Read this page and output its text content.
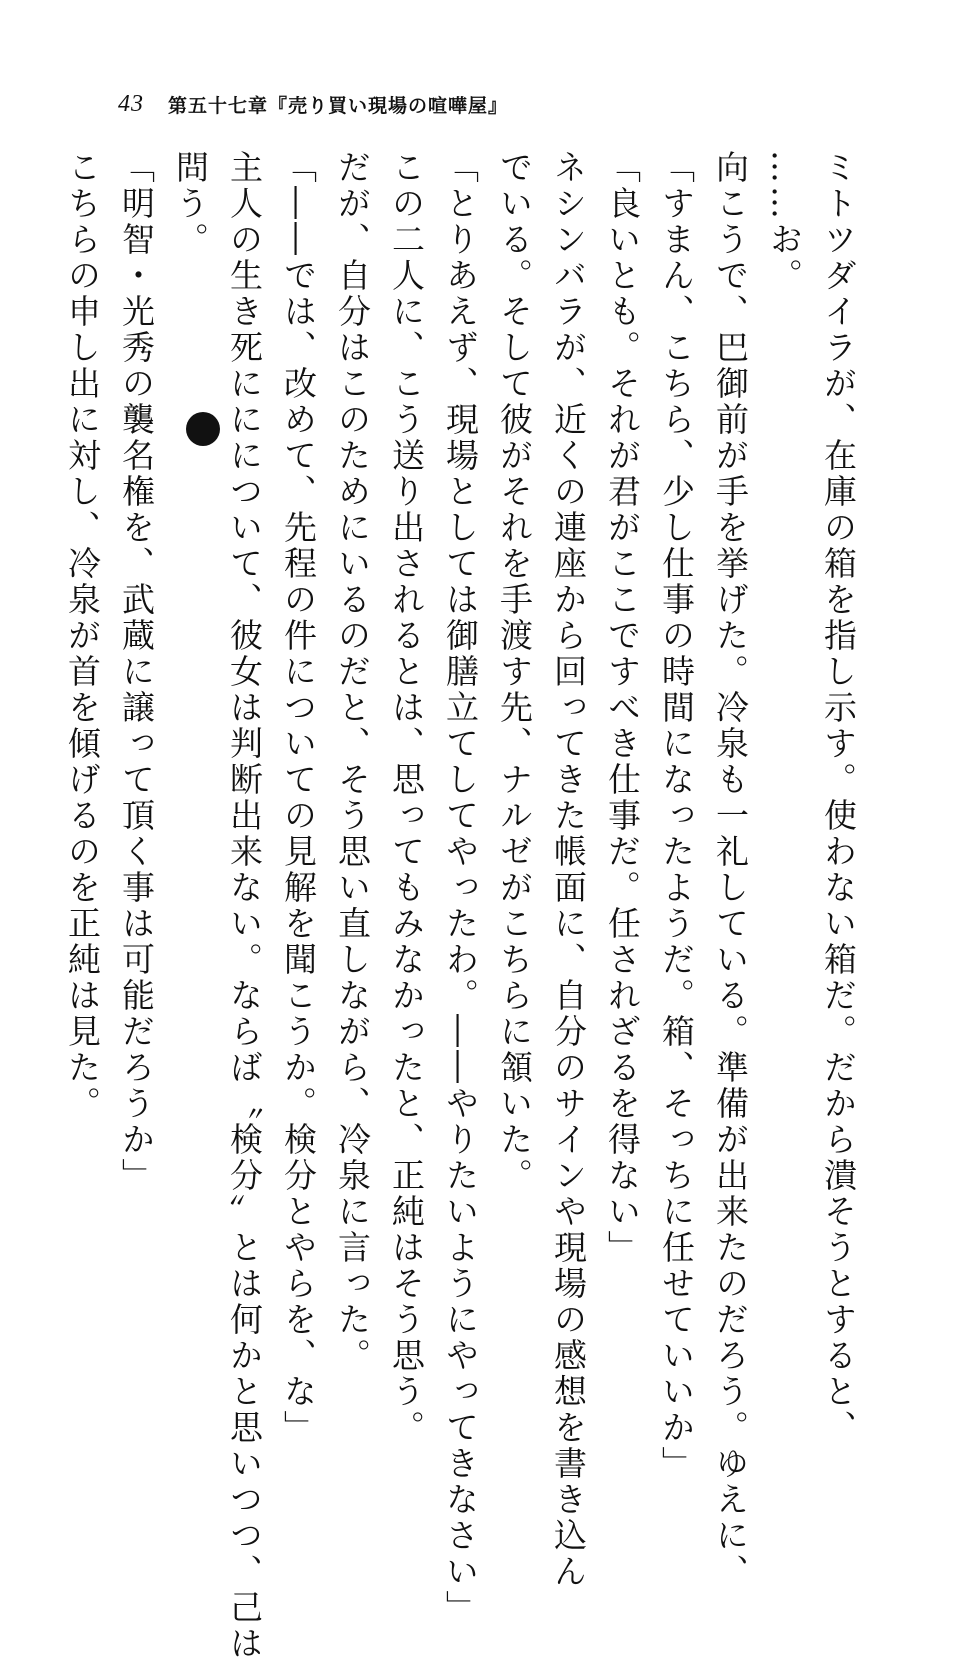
43 第五十七章『売り買い現場の喧嘩屋』
ミトツダイラが、在庫の箱を指し示す。使わない箱だ。だから潰そうとすると、
……お。
向こうで、巴御前が手を挙げた。冷泉も一礼している。準備が出来たのだろう。ゆえに、
「すまん、こちら、少し仕事の時間になったようだ。箱、そっちに任せていいか」
「良いとも。それが君がここですべき仕事だ。任されざるを得ない」
ネシンバラが、近くの連座から回ってきた帳面に、自分のサインや現場の感想を書き込ん
でいる。そして彼がそれを手渡す先、ナルゼがこちらに頷いた。
「とりあえず、現場としては御膳立てしてやったわ。――やりたいようにやってきなさい」
この二人に、こう送り出されるとは、思ってもみなかったと、正純はそう思う。
だが、自分はこのためにいるのだと、そう思い直しながら、冷泉に言った。
「――では、改めて、先程の件についての見解を聞こうか。検分とやらを、な」
主人の生き死ににについて、彼女は判断出来ない。ならば〝検分〟とは何かと思いつつ、己は
問う。
「明智・光秀の襲名権を、武蔵に譲って頂く事は可能だろうか」
こちらの申し出に対し、冷泉が首を傾げるのを正純は見た。
